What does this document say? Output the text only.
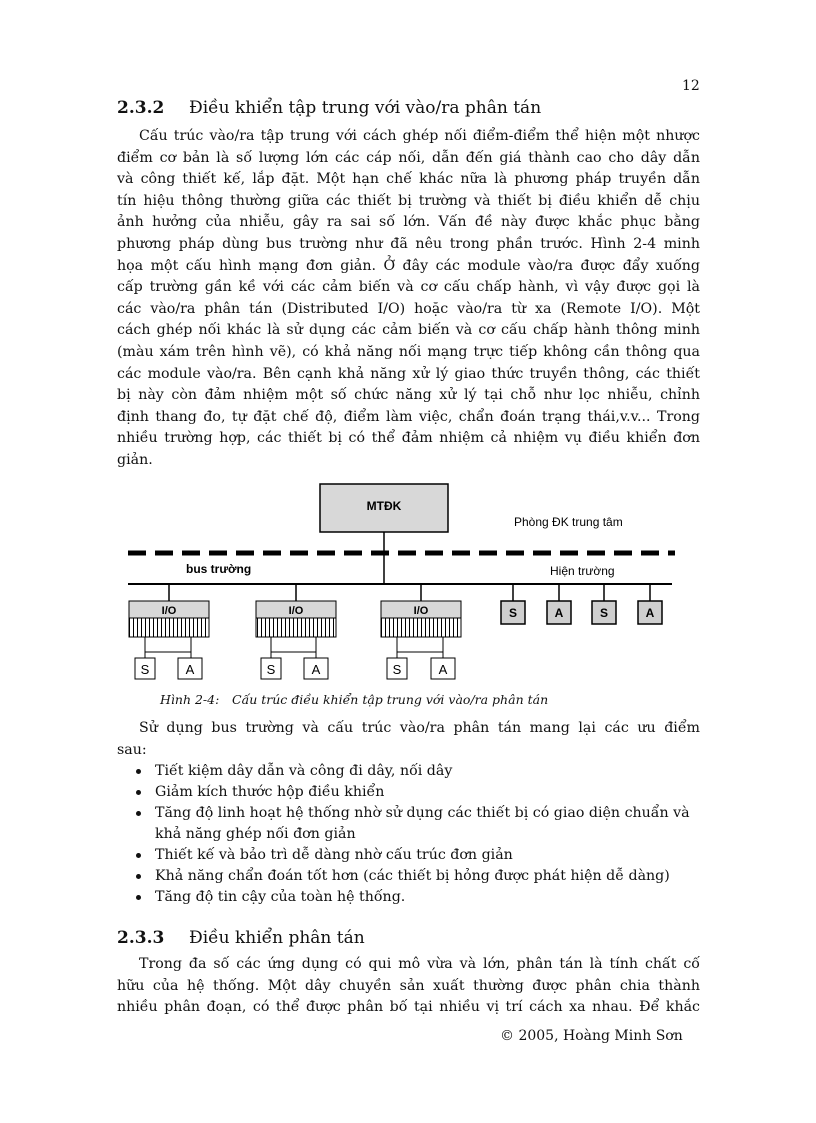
12
2.3.2 Điều khiển tập trung với vào/ra phân tán
Cấu trúc vào/ra tập trung với cách ghép nối điểm-điểm thể hiện một nhược
điểm cơ bản là số lượng lớn các cáp nối, dẫn đến giá thành cao cho dây dẫn
và công thiết kế, lắp đặt. Một hạn chế khác nữa là phương pháp truyền dẫn
tín hiệu thông thường giữa các thiết bị trường và thiết bị điều khiển dễ chịu
ảnh hưởng của nhiễu, gây ra sai số lớn. Vấn đề này được khắc phục bằng
phương pháp dùng bus trường như đã nêu trong phần trước. Hình 2-4 minh
họa một cấu hình mạng đơn giản. Ở đây các module vào/ra được đẩy xuống
cấp trường gần kề với các cảm biến và cơ cấu chấp hành, vì vậy được gọi là
các vào/ra phân tán (Distributed I/O) hoặc vào/ra từ xa (Remote I/O). Một
cách ghép nối khác là sử dụng các cảm biến và cơ cấu chấp hành thông minh
(màu xám trên hình vẽ), có khả năng nối mạng trực tiếp không cần thông qua
các module vào/ra. Bên cạnh khả năng xử lý giao thức truyền thông, các thiết
bị này còn đảm nhiệm một số chức năng xử lý tại chỗ như lọc nhiễu, chỉnh
định thang đo, tự đặt chế độ, điểm làm việc, chẩn đoán trạng thái,v.v... Trong
nhiều trường hợp, các thiết bị có thể đảm nhiệm cả nhiệm vụ điều khiển đơn
giản.
MTĐK
Phòng ĐK trung tâm
bus trường	Hiện trường
I/O
S	A
I/O
S	A
I/O
S	A
S	A	S	A
Hình 2-4: Cấu trúc điều khiển tập trung với vào/ra phân tán
Sử dụng bus trường và cấu trúc vào/ra phân tán mang lại các ưu điểm
sau:
Tiết kiệm dây dẫn và công đi dây, nối dây
Giảm kích thước hộp điều khiển
Tăng độ linh hoạt hệ thống nhờ sử dụng các thiết bị có giao diện chuẩn và khả năng ghép nối đơn giản
Thiết kế và bảo trì dễ dàng nhờ cấu trúc đơn giản
Khả năng chẩn đoán tốt hơn (các thiết bị hỏng được phát hiện dễ dàng)
Tăng độ tin cậy của toàn hệ thống.
2.3.3 Điều khiển phân tán
Trong đa số các ứng dụng có qui mô vừa và lớn, phân tán là tính chất cố
hữu của hệ thống. Một dây chuyền sản xuất thường được phân chia thành
nhiều phân đoạn, có thể được phân bố tại nhiều vị trí cách xa nhau. Để khắc
© 2005, Hoàng Minh Sơn
